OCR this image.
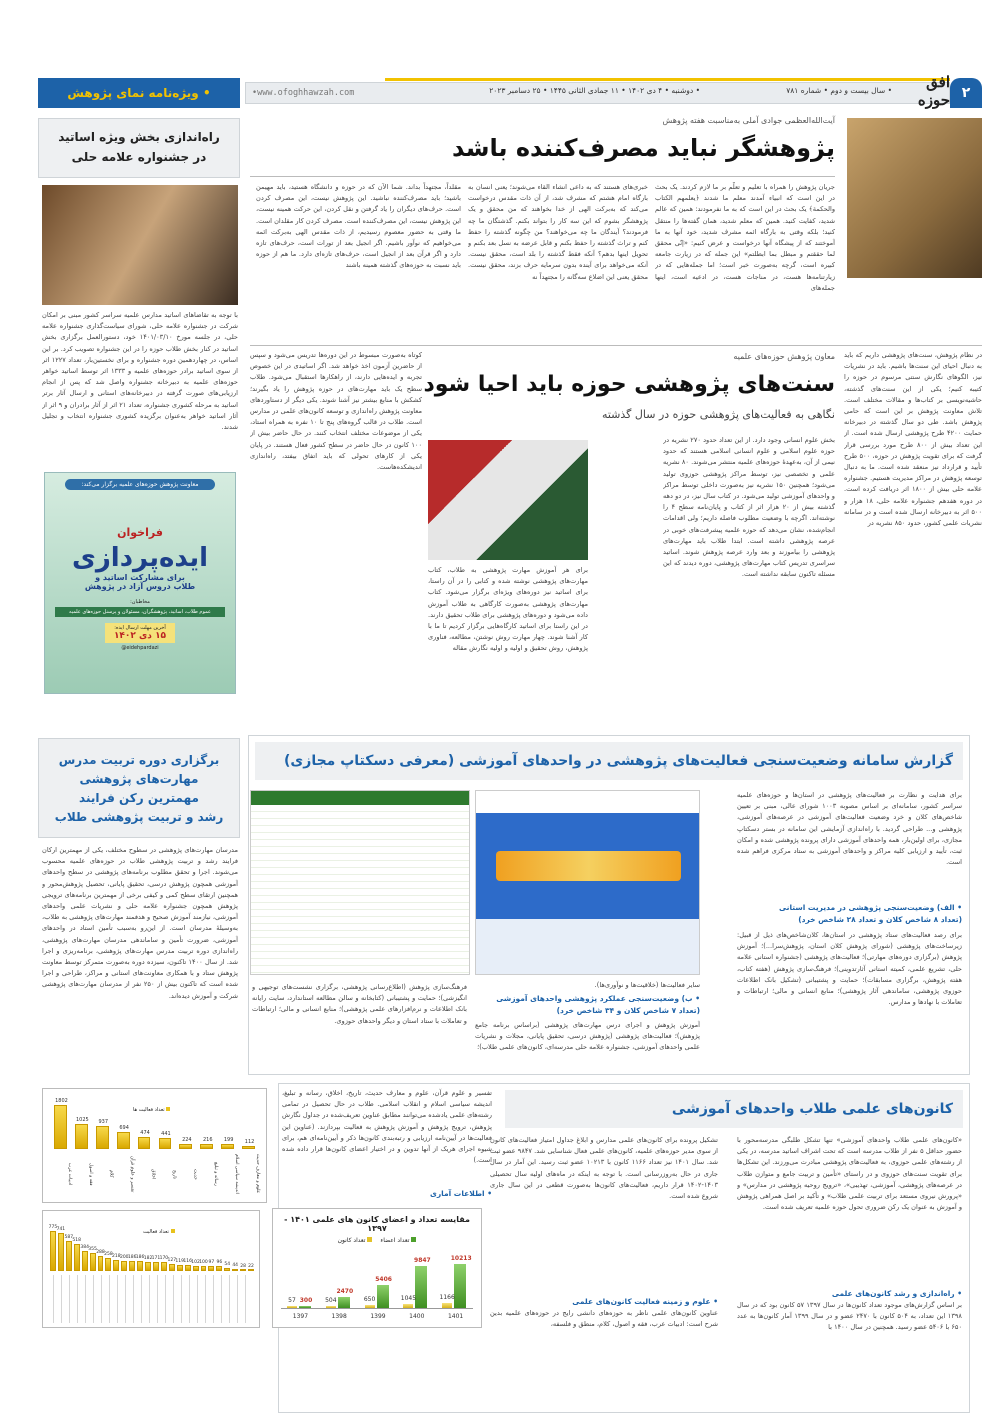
۲
افق حوزه
• سال بیست و دوم • شماره ۷۸۱
• دوشنبه • ۴ دی ۱۴۰۲ • ۱۱ جمادی الثانی ۱۴۴۵ • ۲۵ دسامبر ۲۰۲۳
•www.ofoghhawzah.com
• ویژه‌نامه نمای پژوهش
آیت‌الله‌العظمی جوادی آملی به‌مناسبت هفته پژوهش
پژوهشگر نباید مصرف‌کننده باشد
جریان پژوهش را همراه با تعلیم و تعلّم بر ما لازم کردند. یک بحث در این است که انبیاء آمدند معلم ما شدند ﴿یعلمهم الکتاب والحکمة﴾ یک بحث در این است که به ما نفرمودند: همین که عالم شدید، کفایت کنید. همین که معلم شدید، همان گفته‌ها را منتقل کنید؛ بلکه وقتی به بارگاه ائمه مشرف شدید، خود آنها به ما آموختند که از پیشگاه آنها درخواست و عرض کنیم: «إنّی محقق لما حققتم و مبطل بما ابطلتم» این جمله که در زیارت جامعه کبیره است، گرچه به‌صورت خبر است؛ اما جمله‌هایی که در زیارتنامه‌ها هست، در مناجات هست، در ادعیه است، اینها جمله‌های
خبری‌های هستند که به داعی انشاء القاء می‌شوند؛ یعنی انسان به بارگاه امام هشتم که مشرف شد، از آن ذات مقدس درخواست می‌کند که به‌برکت الهی از خدا بخواهند که من محقق و یک پژوهشگر بشوم که این سه کار را بتواند بکنم. گذشتگان ما چه فرمودند؟ آیندگان ما چه می‌خواهند؟ من چگونه گذشته را حفظ کنم و تراث گذشته را حفظ بکنم و قابل عرضه به نسل بعد بکنم و تحویل اینها بدهم؟ آنکه فقط گذشته را بلد است، محقق نیست. آنکه می‌خواهد برای آینده بدون سرمایه حرف بزند، محقق نیست. محقق یعنی این اضلاع سه‌گانه را مجتهداً نه
مقلداً، مجتهداً بداند. شما الآن که در حوزه و دانشگاه هستید، باید مهیمن باشید؛ باید مصرف‌کننده نباشید. این پژوهش نیست، این مصرف کردن است. حرف‌های دیگران را یاد گرفتن و نقل کردن، این حرکت همینه نیست، این پژوهش نیست، این مصرف‌کننده است. مصرف کردن کار مقلدان است. ما وقتی به حضور معصوم رسیدیم، از ذات مقدس الهی به‌برکت ائمه می‌خواهیم که نوآور باشیم. اگر انجیل بعد از تورات است، حرف‌های تازه دارد و اگر قرآن بعد از انجیل است، حرف‌های تازه‌ای دارد. ما هم از حوزه باید نسبت به حوزه‌های گذشته همینه باشند
در نظام پژوهش، سنت‌های پژوهشی داریم که باید به دنبال احیای این سنت‌ها باشیم. باید در نشریات نیز، الگوهای نگارش سنتی مرسوم در حوزه را کتیبه کنیم؛ یکی از این سنت‌های گذشته، حاشیه‌نویسی بر کتاب‌ها و مقالات مختلف است. تلاش معاونت پژوهش بر این است که حامی پژوهش باشد. طی دو سال گذشته در دبیرخانه حمایت ۴۲۰۰ طرح پژوهشی ارسال شده است. از این تعداد بیش از ۸۰۰ طرح مورد بررسی قرار گرفت که برای تقویت پژوهش در حوزه، ۵۰۰ طرح تأیید و قرارداد نیز منعقد شده است. ما به دنبال توسعه پژوهش در مراکز مدیریت هستیم. جشنواره علامه حلی بیش از ۱۸۰۰ اثر دریافت کرده است. در دوره هفدهم جشنواره علامه حلی، ۱۸ هزار و ۵۰۰ اثر به دبیرخانه ارسال شده است و در سامانه نشریات علمی کشور، حدود ۸۵۰ نشریه در
معاون پژوهش حوزه‌های علمیه
سنت‌های پژوهشی حوزه باید احیا شود
نگاهی به فعالیت‌های پژوهشی حوزه در سال گذشته
بخش علوم انسانی وجود دارد. از این تعداد حدود ۲۷۰ نشریه در حوزه علوم اسلامی و علوم انسانی اسلامی هستند که حدود نیمی از آن، به‌عهدهٔ حوزه‌های علمیه منتشر می‌شوند. ۸۰ نشریه علمی و تخصصی نیز، توسط مراکز پژوهشی حوزوی تولید می‌شود؛ همچنین ۱۵۰ نشریه نیز به‌صورت داخلی توسط مراکز و واحدهای آموزشی تولید می‌شود. در کتاب سال نیز، در دو دهه گذشته بیش از ۲۰ هزار اثر از کتاب و پایان‌نامه سطح ۴ را نوشته‌اند. اگرچه با وضعیت مطلوب فاصله داریم؛ ولی اقدامات انجام‌شده، نشان می‌دهد که حوزه علمیه پیشرفت‌های خوبی در عرصه پژوهشی داشته است. ابتدا طلاب باید مهارت‌های پژوهشی را بیاموزند و بعد وارد عرصه پژوهش شوند. اساتید سراسری تدریس کتاب مهارت‌های پژوهشی، دوره دیدند که این مسئله تاکنون سابقه نداشته است.
برای هر آموزش مهارت پژوهشی به طلاب، کتاب مهارت‌های پژوهشی نوشته شده و کتابی را در آن راستا، برای اساتید نیز دوره‌های ویژه‌ای برگزار می‌شود. کتاب مهارت‌های پژوهشی به‌صورت کارگاهی به طلاب آموزش داده می‌شود و دوره‌های پژوهشی برای طلاب تحقیق دارند. در این راستا برای اساتید کارگاه‌هایی برگزار کردیم تا ما با کار آشنا شوند. چهار مهارت روش نوشتن، مطالعه، فناوری پژوهش، روش تحقیق و اولیه و اولیه نگارش مقاله
کوتاه به‌صورت مبسوط در این دوره‌ها تدریس می‌شود و سپس از حاضرین آزمون اخذ خواهد شد. اگر اساتیدی در این خصوص تجربه و ایده‌هایی دارند، از راهکارها استقبال می‌شود. طلاب سطح یک باید مهارت‌های در حوزه پژوهش را یاد بگیرند؛ کشکش با منابع بیشتر نیز آشنا شوند. یکی دیگر از دستاوردهای معاونت پژوهش راه‌اندازی و توسعه کانون‌های علمی در مدارس است. طلاب در قالب گروه‌های پنج تا ۱۰ نفره به همراه استاد، یکی از موضوعات مختلف انتخاب کنند. در حال حاضر بیش از ۱۰۰ کانون در حال حاضر در سطح کشور فعال هستند. در پایان یکی از کارهای تحولی که باید اتفاق بیفتد، راه‌اندازی اندیشکده‌هاست.
راه‌اندازی بخش ویژه اساتید
در جشنواره علامه حلی
با توجه به تقاضاهای اساتید مدارس علمیه سراسر کشور مبنی بر امکان شرکت در جشنواره علامه حلی، شورای سیاست‌گذاری جشنواره علامه حلی، در جلسه مورخ ۱۴۰۱/۰۳/۱۰ خود، دستورالعمل برگزاری بخش اساتید در کنار بخش طلاب حوزه را در این جشنواره تصویب کرد. بر این اساس، در چهاردهمین دوره جشنواره و برای نخستین‌بار، تعداد ۱۲۲۷ اثر از سوی اساتید برادر حوزه‌های علمیه و ۱۳۳۳ اثر توسط اساتید خواهر حوزه‌های علمیه به دبیرخانه جشنواره واصل شد که پس از انجام ارزیابی‌های صورت گرفته در دبیرخانه‌های استانی و ارسال آثار برتر اساتید به مرحله کشوری جشنواره، تعداد ۲۱ اثر از آثار برادران و ۹ اثر از آثار اساتید خواهر به‌عنوان برگزیده کشوری جشنواره انتخاب و تجلیل شدند.
معاونت پژوهش حوزه‌های علمیه برگزار می‌کند:
فراخوان
ایده‌پردازی
برای مشارکت اساتید و
طلاب دروس آزاد در پژوهش
مخاطبان:
عموم طلاب، اساتید، پژوهشگران، مسئولان و پرسنل حوزه‌های علمیه
آخرین مهلت ارسال ایده:
۱۵ دی ۱۴۰۲
@eidehpardazi
برگزاری دوره تربیت مدرس
مهارت‌های پژوهشی
مهمترین رکن فرایند
رشد و تربیت پژوهشی طلاب
مدرسان مهارت‌های پژوهشی در سطوح مختلف، یکی از مهمترین ارکان فرایند رشد و تربیت پژوهشی طلاب در حوزه‌های علمیه محسوب می‌شوند. اجرا و تحقق مطلوب برنامه‌های پژوهشی در سطح واحدهای آموزشی همچون پژوهش درسی، تحقیق پایانی، تحصیل پژوهش‌محور و همچنین ارتقای سطح کمی و کیفی برخی از مهمترین برنامه‌های ترویجی پژوهش همچون جشنواره علامه حلی و نشریات علمی واحدهای آموزشی، نیازمند آموزش صحیح و هدفمند مهارت‌های پژوهشی به طلاب، به‌وسیلهٔ مدرسان است. از این‌رو به‌سبب تأمین استاد در واحدهای آموزشی، ضرورت تأمین و ساماندهی مدرسان مهارت‌های پژوهشی، راه‌اندازی دوره تربیت مدرس مهارت‌های پژوهشی، برنامه‌ریزی و اجرا شد. از سال ۱۴۰۰ تاکنون، سیزده دوره به‌صورت متمرکز توسط معاونت پژوهش ستاد و با همکاری معاونت‌های استانی و مراکز، طراحی و اجرا شده است که تاکنون بیش از ۲۵۰ نفر از مدرسان مهارت‌های پژوهشی شرکت و آموزش دیده‌اند.
گزارش سامانه وضعیت‌سنجی فعالیت‌های پژوهشی در واحدهای آموزشی (معرفی دسکتاپ مجازی)
برای هدایت و نظارت بر فعالیت‌های پژوهشی در استان‌ها و حوزه‌های علمیه سراسر کشور، سامانه‌ای بر اساس مصوبه ۱۰۰۳ شورای عالی، مبنی بر تعیین شاخص‌های کلان و خرد وضعیت فعالیت‌های آموزشی در عرصه‌های آموزشی، پژوهشی و... طراحی گردید. با راه‌اندازی آزمایشی این سامانه در بستر دسکتاپ مجازی، برای اولین‌بار، همه واحدهای آموزشی دارای پرونده پژوهشی شده و امکان ثبت، تأیید و ارزیابی کلیه مراکز و واحدهای آموزشی به ستاد مرکزی فراهم شده است.
• الف) وضعیت‌سنجی پژوهشی در مدیریت استانی
(تعداد ۸ شاخص کلان و تعداد ۲۸ شاخص خرد)
برای رصد فعالیت‌های ستاد پژوهشی در استان‌ها، کلان‌شاخص‌های ذیل از قبیل: زیرساخت‌های پژوهشی (شورای پژوهش کلان استان، پژوهش‌سرا...)؛ آموزش پژوهش (برگزاری دوره‌های مهارتی)؛ فعالیت‌های پژوهشی (جشنواره استانی علامه حلی، تشریع علمی، کمیته استانی آثار‌تدوینی)؛ فرهنگ‌سازی پژوهش (هفته کتاب، هفته پژوهش، برگزاری مسابقات)؛ حمایت و پشتیبانی (تشکیل بانک اطلاعات حوزوی پژوهشی، ساماندهی آثار پژوهشی)؛ منابع انسانی و مالی؛ ارتباطات و تعاملات با نهادها و مدارس.
سایر فعالیت‌ها (خلاقیت‌ها و نوآوری‌ها).
• ب) وضعیت‌سنجی عملکرد پژوهشی واحدهای آموزشی
(تعداد ۷ شاخص کلان و ۳۴ شاخص خرد)
آموزش پژوهش و اجرای درس مهارت‌های پژوهشی (براساس برنامه جامع پژوهش)؛ فعالیت‌های پژوهشی (پژوهش درسی، تحقیق پایانی، مجلات و نشریات علمی واحدهای آموزشی، جشنواره علامه حلی مدرسه‌ای، کانون‌های علمی طلاب)؛
فرهنگ‌سازی پژوهش (اطلاع‌رسانی پژوهشی، برگزاری نشست‌های توجیهی و انگیزشی)؛ حمایت و پشتیبانی (کتابخانه و سالن مطالعه استاندارد، سایت رایانه بانک اطلاعات و نرم‌افزارهای علمی پژوهشی)؛ منابع انسانی و مالی؛ ارتباطات و تعاملات با ستاد استان و دیگر واحدهای حوزوی.
کانون‌های علمی طلاب واحدهای آموزشی
«کانون‌های علمی طلاب واحدهای آموزشی» تنها تشکل طلبگی مدرسه‌محور با حضور حداقل ۵ نفر از طلاب مدرسه است که تحت اشراف اساتید مدرسه، در یکی از رشته‌های علمی حوزوی، به فعالیت‌های پژوهشی مبادرت می‌ورزند. این تشکل‌ها برای تقویت سنت‌های حوزوی و در راستای «تأمین و تربیت جامع و متوازن طلاب در عرصه‌های پژوهشی، آموزشی، تهذیبی»، «ترویج روحیه پژوهشی در مدارس» و «پرورش نیروی مستعد برای تربیت علمی طلاب» و تأکید بر اصل همراهی پژوهش و آموزش به عنوان یک رکن ضروری تحول حوزه علمیه تعریف شده است.
• راه‌اندازی و رشد کانون‌های علمی
بر اساس گزارش‌های موجود تعداد کانون‌ها در سال ۱۳۹۷ ۵۷ کانون بود که در سال ۱۳۹۸ این تعداد، به ۵۰۴ کانون با ۲۴۷۰ عضو و در سال ۱۳۹۹ آمار کانون‌ها به عدد ۶۵۰ با ۵۴۰۶ عضو رسید. همچنین در سال ۱۴۰۰ با
تشکیل پرونده برای کانون‌های علمی مدارس و ابلاغ جداول امتیاز فعالیت‌های کانون از سوی مدیر حوزه‌های علمیه، کانون‌های علمی فعال شناسایی شد. ۹۸۴۷ عضو ثبت شد. سال ۱۴۰۱ نیز تعداد ۱۱۶۶ کانون با ۱۰۲۱۳ عضو ثبت رسید. این آمار در سال جاری در حال به‌روزرسانی است. با توجه به اینکه در ماه‌های اولیه سال تحصیلی ۱۴۰۳-۱۴۰۲ قرار داریم، فعالیت‌های کانون‌ها به‌صورت قطعی در این سال جاری شروع شده است.
• علوم و زمینه فعالیت کانون‌های علمی
عناوین کانون‌های علمی ناظر به حوزه‌های دانشی رایج در حوزه‌های علمیه بدین شرح است: ادبیات عرب، فقه و اصول، کلام، منطق و فلسفه،
تفسیر و علوم قرآن، علوم و معارف حدیث، تاریخ، اخلاق، رسانه و تبلیغ، اندیشه سیاسی اسلام و انقلاب اسلامی. طلاب در حال تحصیل در تمامی رشته‌های علمی یادشده می‌توانند مطابق عناوین تعریف‌شده در جداول نگارش پژوهش، ترویج پژوهش و آموزش پژوهش به فعالیت بپردازند. (عناوین این فعالیت‌ها در آیین‌نامه ارزیابی و رتبه‌بندی کانون‌ها ذکر و آیین‌نامه‌ای هم، برای شیوه اجرای هریک از آنها تدوین و در اختیار اعضای کانون‌ها قرار داده شده است.)
• اطلاعات آماری
مقایسه تعداد و اعضای کانون های علمی ۱۴۰۱ - ۱۳۹۷
تعداد اعضاء
تعداد کانون
57 300	504
2470
650
5406
1045
9847
1166
10213
1397	1398	1399	1400	1401
تعداد فعالیت ها
1802
1025	937
694
474	441
224	216	199	112
ادبیات عرب	فقه و اصول	کلام	تفسیر و علوم قرآن	اخلاق	تاریخ	حدیث	رسانه و تبلیغ	اندیشه سیاسی اسلام	علوم و معارف حدیث
تعداد فعالیت
775 741
587
518
384 355
288 258 218 200 186 186 182 171 170 127 119 116 102 100 97 96 54 44 28 22
